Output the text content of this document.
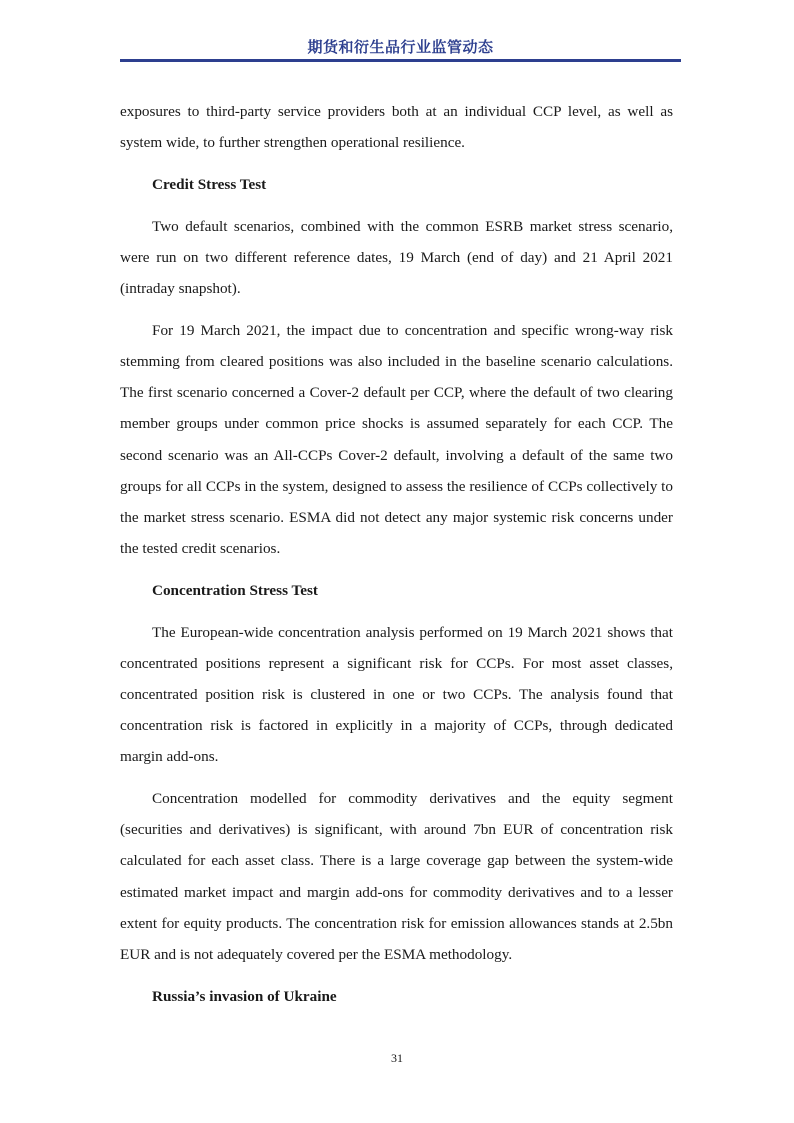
期货和衍生品行业监管动态

exposures to third-party service providers both at an individual CCP level, as well as system wide, to further strengthen operational resilience.

Credit Stress Test

Two default scenarios, combined with the common ESRB market stress scenario, were run on two different reference dates, 19 March (end of day) and 21 April 2021 (intraday snapshot).

For 19 March 2021, the impact due to concentration and specific wrong-way risk stemming from cleared positions was also included in the baseline scenario calculations. The first scenario concerned a Cover-2 default per CCP, where the default of two clearing member groups under common price shocks is assumed separately for each CCP. The second scenario was an All-CCPs Cover-2 default, involving a default of the same two groups for all CCPs in the system, designed to assess the resilience of CCPs collectively to the market stress scenario. ESMA did not detect any major systemic risk concerns under the tested credit scenarios.

Concentration Stress Test

The European-wide concentration analysis performed on 19 March 2021 shows that concentrated positions represent a significant risk for CCPs. For most asset classes, concentrated position risk is clustered in one or two CCPs. The analysis found that concentration risk is factored in explicitly in a majority of CCPs, through dedicated margin add-ons.

Concentration modelled for commodity derivatives and the equity segment (securities and derivatives) is significant, with around 7bn EUR of concentration risk calculated for each asset class. There is a large coverage gap between the system-wide estimated market impact and margin add-ons for commodity derivatives and to a lesser extent for equity products. The concentration risk for emission allowances stands at 2.5bn EUR and is not adequately covered per the ESMA methodology.

Russia’s invasion of Ukraine
31
